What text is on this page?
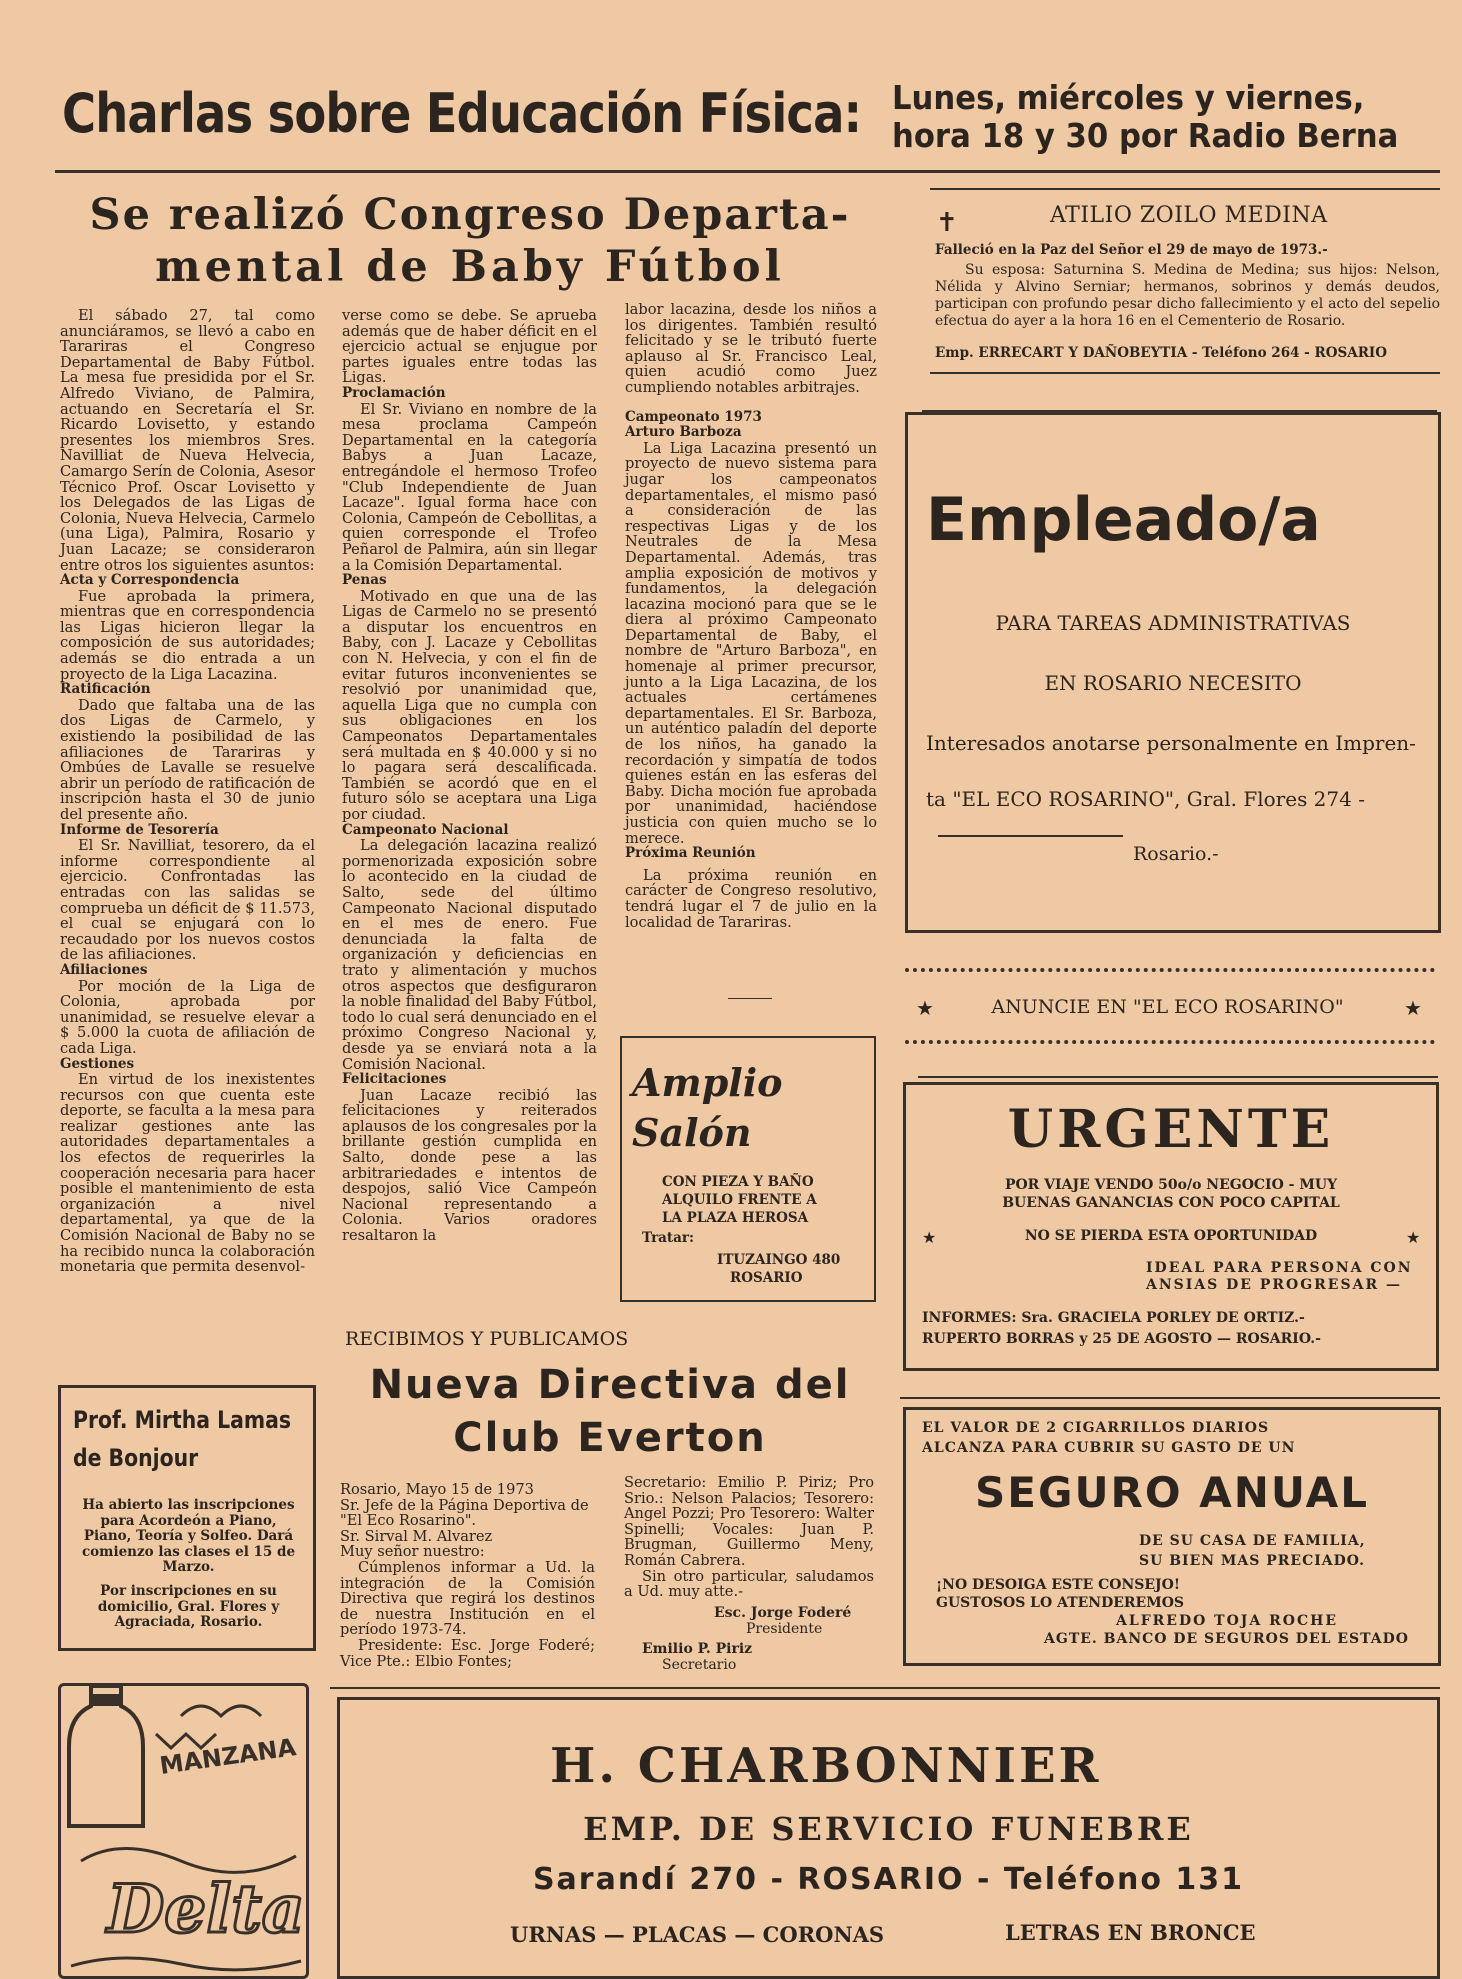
Charlas sobre Educación Física: Lunes, miércoles y viernes,
hora 18 y 30 por Radio Berna
Se realizó Congreso Departa-
mental de Baby Fútbol

El sábado 27, tal como anunciáramos, se llevó a cabo en Tarariras el Congreso Departamental de Baby Fútbol. La mesa fue presidida por el Sr. Alfredo Viviano, de Palmira, actuando en Secretaría el Sr. Ricardo Lovisetto, y estando presentes los miembros Sres. Navilliat de Nueva Helvecia, Camargo Serín de Colonia, Asesor Técnico Prof. Oscar Lovisetto y los Delegados de las Ligas de Colonia, Nueva Helvecia, Carmelo (una Liga), Palmira, Rosario y Juan Lacaze; se consideraron entre otros los siguientes asuntos:

Acta y Correspondencia

Fue aprobada la primera, mientras que en correspondencia las Ligas hicieron llegar la composición de sus autoridades; además se dio entrada a un proyecto de la Liga Lacazina.

Ratificación

Dado que faltaba una de las dos Ligas de Carmelo, y existiendo la posibilidad de las afiliaciones de Tarariras y Ombúes de Lavalle se resuelve abrir un período de ratificación de inscripción hasta el 30 de junio del presente año.

Informe de Tesorería

El Sr. Navilliat, tesorero, da el informe correspondiente al ejercicio. Confrontadas las entradas con las salidas se comprueba un déficit de $ 11.573, el cual se enjugará con lo recaudado por los nuevos costos de las afiliaciones.

Afiliaciones

Por moción de la Liga de Colonia, aprobada por unanimidad, se resuelve elevar a $ 5.000 la cuota de afiliación de cada Liga.

Gestiones

En virtud de los inexistentes recursos con que cuenta este deporte, se faculta a la mesa para realizar gestiones ante las autoridades departamentales a los efectos de requerirles la cooperación necesaria para hacer posible el mantenimiento de esta organización a nivel departamental, ya que de la Comisión Nacional de Baby no se ha recibido nunca la colaboración monetaria que permita desenvol-

verse como se debe. Se aprueba además que de haber déficit en el ejercicio actual se enjugue por partes iguales entre todas las Ligas.

Proclamación

El Sr. Viviano en nombre de la mesa proclama Campeón Departamental en la categoría Babys a Juan Lacaze, entregándole el hermoso Trofeo "Club Independiente de Juan Lacaze". Igual forma hace con Colonia, Campeón de Cebollitas, a quien corresponde el Trofeo Peñarol de Palmira, aún sin llegar a la Comisión Departamental.

Penas

Motivado en que una de las Ligas de Carmelo no se presentó a disputar los encuentros en Baby, con J. Lacaze y Cebollitas con N. Helvecia, y con el fin de evitar futuros inconvenientes se resolvió por unanimidad que, aquella Liga que no cumpla con sus obligaciones en los Campeonatos Departamentales será multada en $ 40.000 y si no lo pagara será descalificada. También se acordó que en el futuro sólo se aceptara una Liga por ciudad.

Campeonato Nacional

La delegación lacazina realizó pormenorizada exposición sobre lo acontecido en la ciudad de Salto, sede del último Campeonato Nacional disputado en el mes de enero. Fue denunciada la falta de organización y deficiencias en trato y alimentación y muchos otros aspectos que desfiguraron la noble finalidad del Baby Fútbol, todo lo cual será denunciado en el próximo Congreso Nacional y, desde ya se enviará nota a la Comisión Nacional.

Felicitaciones

Juan Lacaze recibió las felicitaciones y reiterados aplausos de los congresales por la brillante gestión cumplida en Salto, donde pese a las arbitrariedades e intentos de despojos, salió Vice Campeón Nacional representando a Colonia. Varios oradores resaltaron la

labor lacazina, desde los niños a los dirigentes. También resultó felicitado y se le tributó fuerte aplauso al Sr. Francisco Leal, quien acudió como Juez cumpliendo notables arbitrajes.

Campeonato 1973

Arturo Barboza

La Liga Lacazina presentó un proyecto de nuevo sistema para jugar los campeonatos departamentales, el mismo pasó a consideración de las respectivas Ligas y de los Neutrales de la Mesa Departamental. Además, tras amplia exposición de motivos y fundamentos, la delegación lacazina mocionó para que se le diera al próximo Campeonato Departamental de Baby, el nombre de "Arturo Barboza", en homenaje al primer precursor, junto a la Liga Lacazina, de los actuales certámenes departamentales. El Sr. Barboza, un auténtico paladín del deporte de los niños, ha ganado la recordación y simpatía de todos quienes están en las esferas del Baby. Dicha moción fue aprobada por unanimidad, haciéndose justicia con quien mucho se lo merece.

Próxima Reunión

La próxima reunión en carácter de Congreso resolutivo, tendrá lugar el 7 de julio en la localidad de Tarariras.

✝	ATILIO ZOILO MEDINA
Falleció en la Paz del Señor el 29 de mayo de 1973.-
Su esposa: Saturnina S. Medina de Medina; sus hijos: Nelson, Nélida y Alvino Serniar; hermanos, sobrinos y demás deudos, participan con profundo pesar dicho fallecimiento y el acto del sepelio efectua do ayer a la hora 16 en el Cementerio de Rosario.
Emp. ERRECART Y DAÑOBEYTIA - Teléfono 264 - ROSARIO
Empleado/a
PARA TAREAS ADMINISTRATIVAS
EN ROSARIO NECESITO
Interesados anotarse personalmente en Impren-
ta "EL ECO ROSARINO", Gral. Flores 274 -
Rosario.-
★	ANUNCIE EN "EL ECO ROSARINO"	★
URGENTE
POR VIAJE VENDO 50o/o NEGOCIO - MUY
BUENAS GANANCIAS CON POCO CAPITAL
★	NO SE PIERDA ESTA OPORTUNIDAD	★
IDEAL PARA PERSONA CON
ANSIAS DE PROGRESAR —
INFORMES: Sra. GRACIELA PORLEY DE ORTIZ.-
RUPERTO BORRAS y 25 DE AGOSTO — ROSARIO.-
Amplio
Salón
CON PIEZA Y BAÑO
ALQUILO FRENTE A
LA PLAZA HEROSA
Tratar:
ITUZAINGO 480
ROSARIO
RECIBIMOS Y PUBLICAMOS
Nueva Directiva del
Club Everton

Rosario, Mayo 15 de 1973
Sr. Jefe de la Página Deportiva de "El Eco Rosarino".
Sr. Sirval M. Alvarez
Muy señor nuestro:

Cúmplenos informar a Ud. la integración de la Comisión Directiva que regirá los destinos de nuestra Institución en el período 1973-74.

Presidente: Esc. Jorge Foderé; Vice Pte.: Elbio Fontes;

Secretario: Emilio P. Piriz; Pro Srio.: Nelson Palacios; Tesorero: Angel Pozzi; Pro Tesorero: Walter Spinelli; Vocales: Juan P. Brugman, Guillermo Meny, Román Cabrera.

Sin otro particular, saludamos a Ud. muy atte.-

Esc. Jorge Foderé
Presidente
Emilio P. Piriz
Secretario
Prof. Mirtha Lamas
de Bonjour
Ha abierto las inscripciones para Acordeón a Piano, Piano, Teoría y Solfeo. Dará comienzo las clases el 15 de Marzo.
Por inscripciones en su domicilio, Gral. Flores y Agraciada, Rosario.
MANZANA
Delta
EL VALOR DE 2 CIGARRILLOS DIARIOS
ALCANZA PARA CUBRIR SU GASTO DE UN
SEGURO ANUAL
DE SU CASA DE FAMILIA,
SU BIEN MAS PRECIADO.
¡NO DESOIGA ESTE CONSEJO!
GUSTOSOS LO ATENDEREMOS
ALFREDO TOJA ROCHE
AGTE. BANCO DE SEGUROS DEL ESTADO
H. CHARBONNIER
EMP. DE SERVICIO FUNEBRE
Sarandí 270 - ROSARIO - Teléfono 131
URNAS — PLACAS — CORONAS	LETRAS EN BRONCE
